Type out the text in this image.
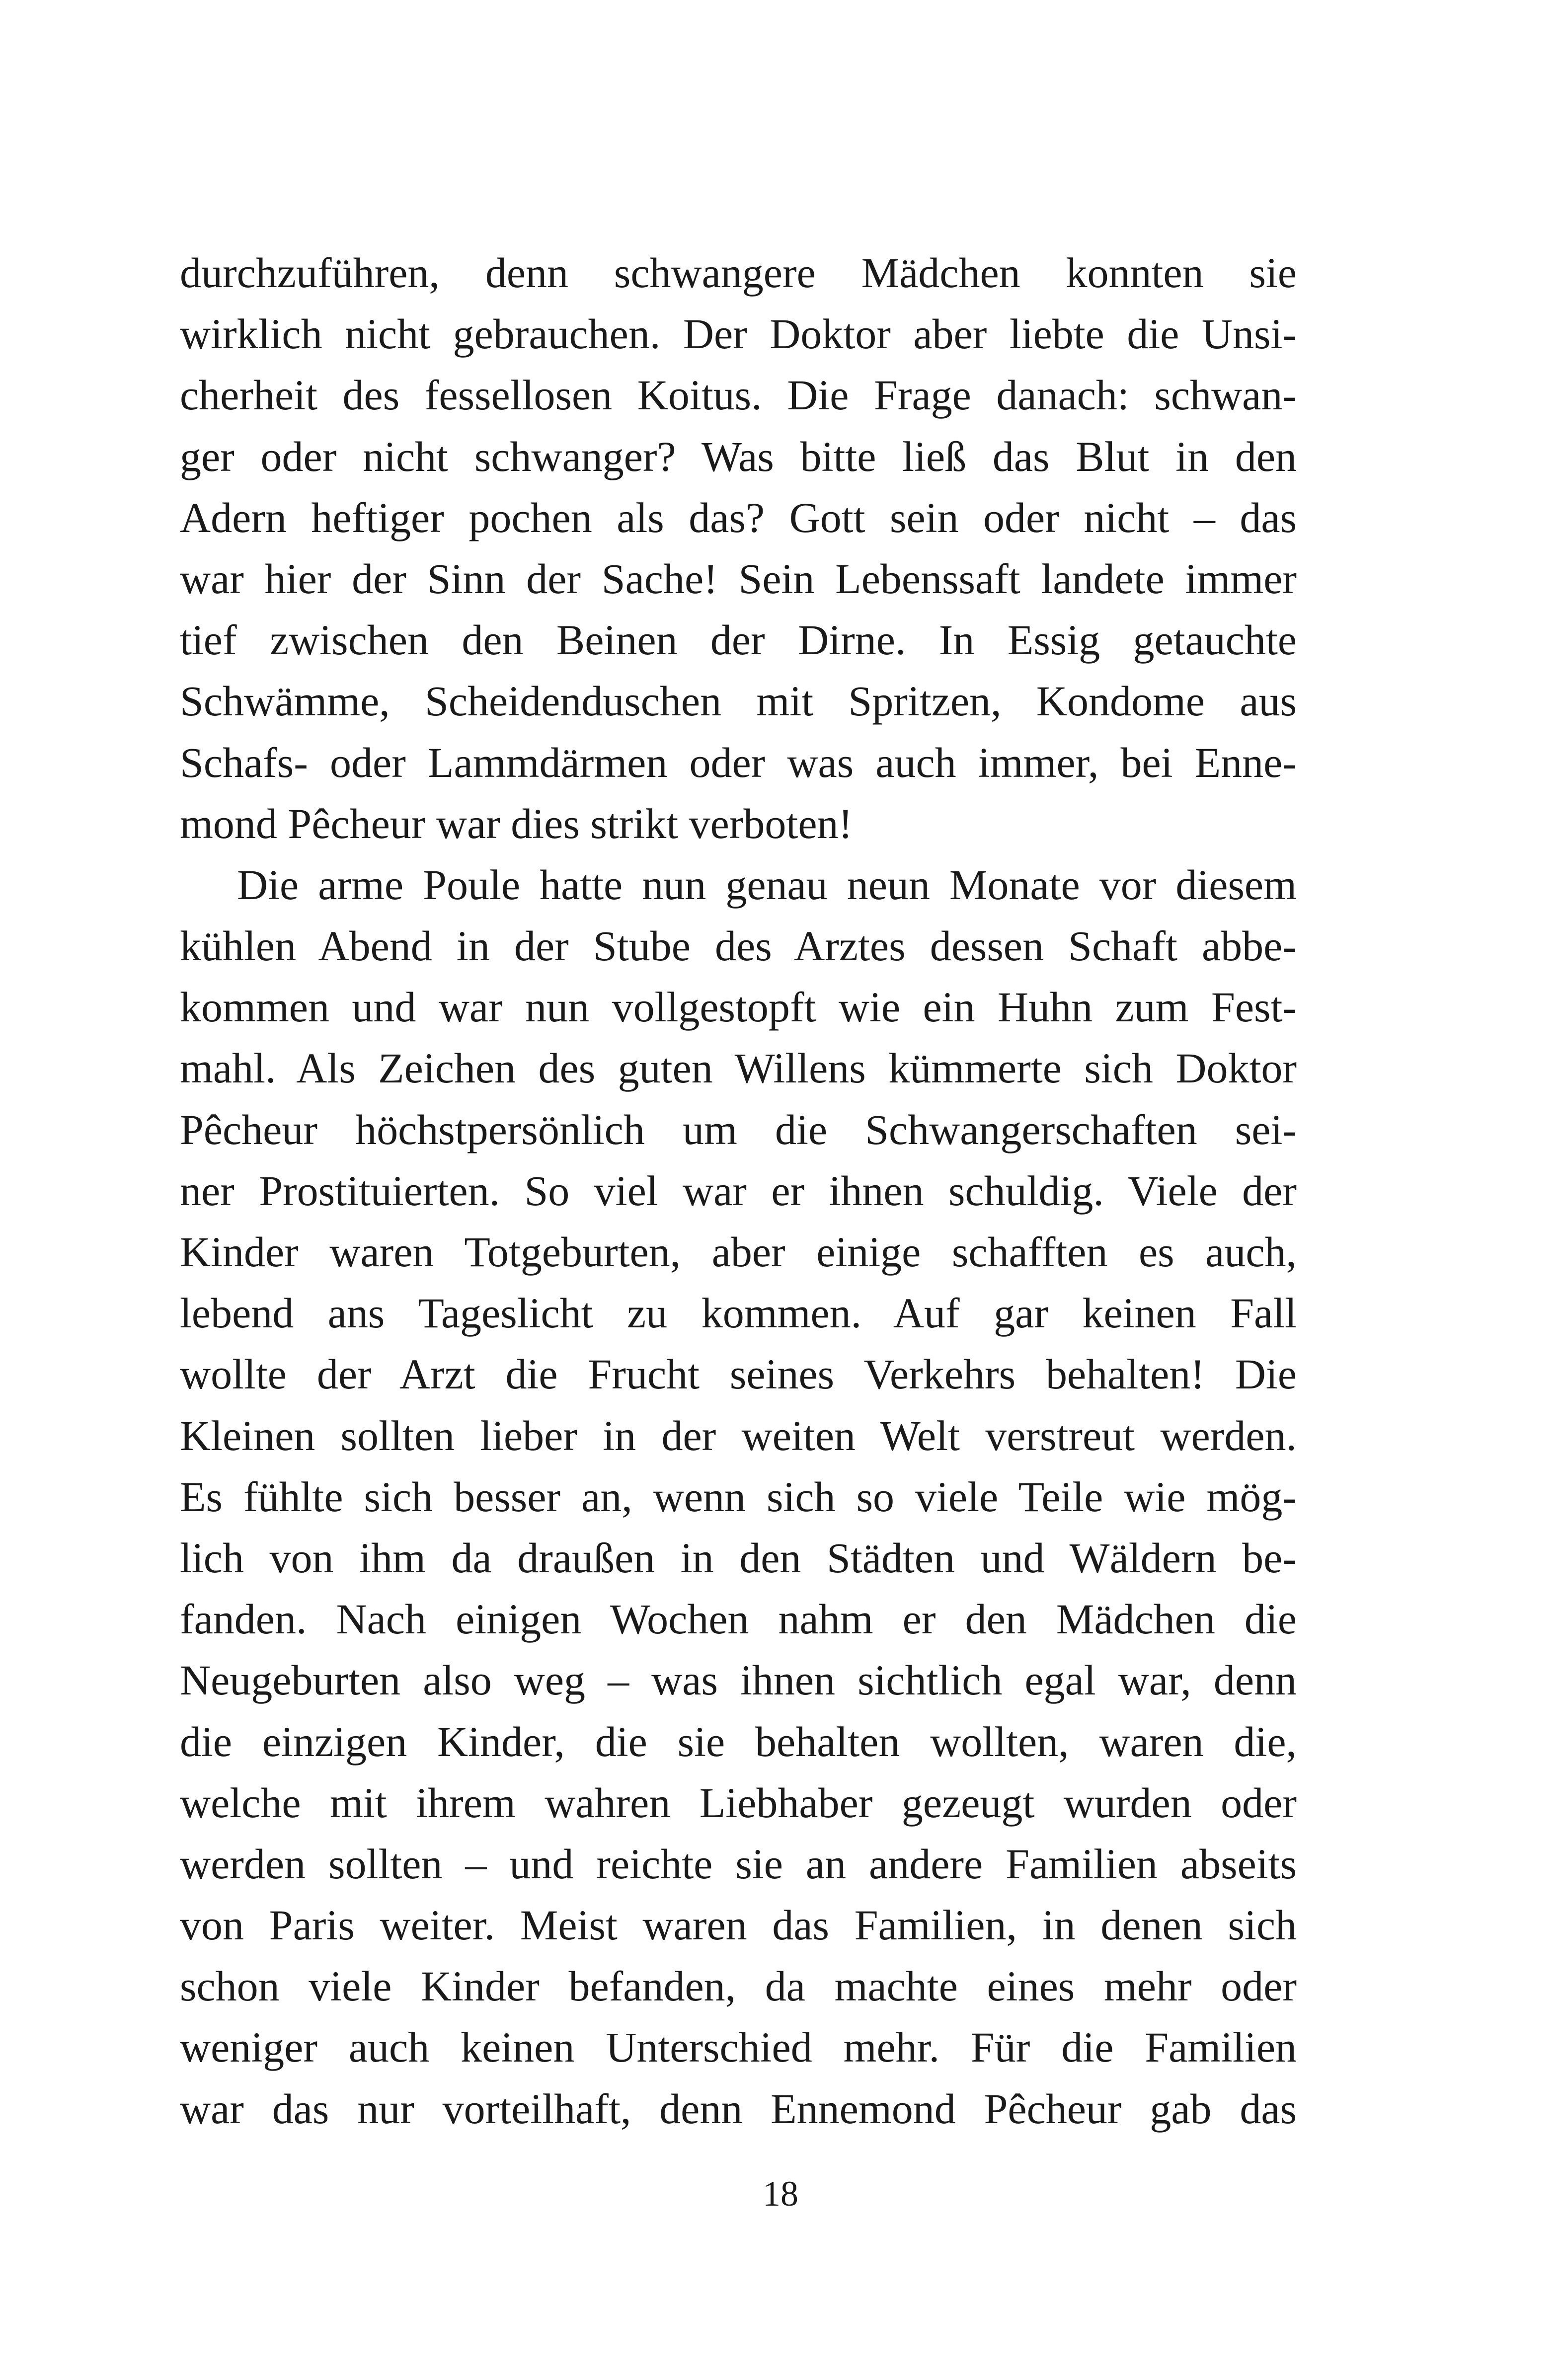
durchzuführen, denn schwangere Mädchen konnten sie
wirklich nicht gebrauchen. Der Doktor aber liebte die Unsi-
cherheit des fessellosen Koitus. Die Frage danach: schwan-
ger oder nicht schwanger? Was bitte ließ das Blut in den
Adern heftiger pochen als das? Gott sein oder nicht – das
war hier der Sinn der Sache! Sein Lebenssaft landete immer
tief zwischen den Beinen der Dirne. In Essig getauchte
Schwämme, Scheidenduschen mit Spritzen, Kondome aus
Schafs- oder Lammdärmen oder was auch immer, bei Enne-
mond Pêcheur war dies strikt verboten!
Die arme Poule hatte nun genau neun Monate vor diesem
kühlen Abend in der Stube des Arztes dessen Schaft abbe-
kommen und war nun vollgestopft wie ein Huhn zum Fest-
mahl. Als Zeichen des guten Willens kümmerte sich Doktor
Pêcheur höchstpersönlich um die Schwangerschaften sei-
ner Prostituierten. So viel war er ihnen schuldig. Viele der
Kinder waren Totgeburten, aber einige schafften es auch,
lebend ans Tageslicht zu kommen. Auf gar keinen Fall
wollte der Arzt die Frucht seines Verkehrs behalten! Die
Kleinen sollten lieber in der weiten Welt verstreut werden.
Es fühlte sich besser an, wenn sich so viele Teile wie mög-
lich von ihm da draußen in den Städten und Wäldern be-
fanden. Nach einigen Wochen nahm er den Mädchen die
Neugeburten also weg – was ihnen sichtlich egal war, denn
die einzigen Kinder, die sie behalten wollten, waren die,
welche mit ihrem wahren Liebhaber gezeugt wurden oder
werden sollten – und reichte sie an andere Familien abseits
von Paris weiter. Meist waren das Familien, in denen sich
schon viele Kinder befanden, da machte eines mehr oder
weniger auch keinen Unterschied mehr. Für die Familien
war das nur vorteilhaft, denn Ennemond Pêcheur gab das
18
